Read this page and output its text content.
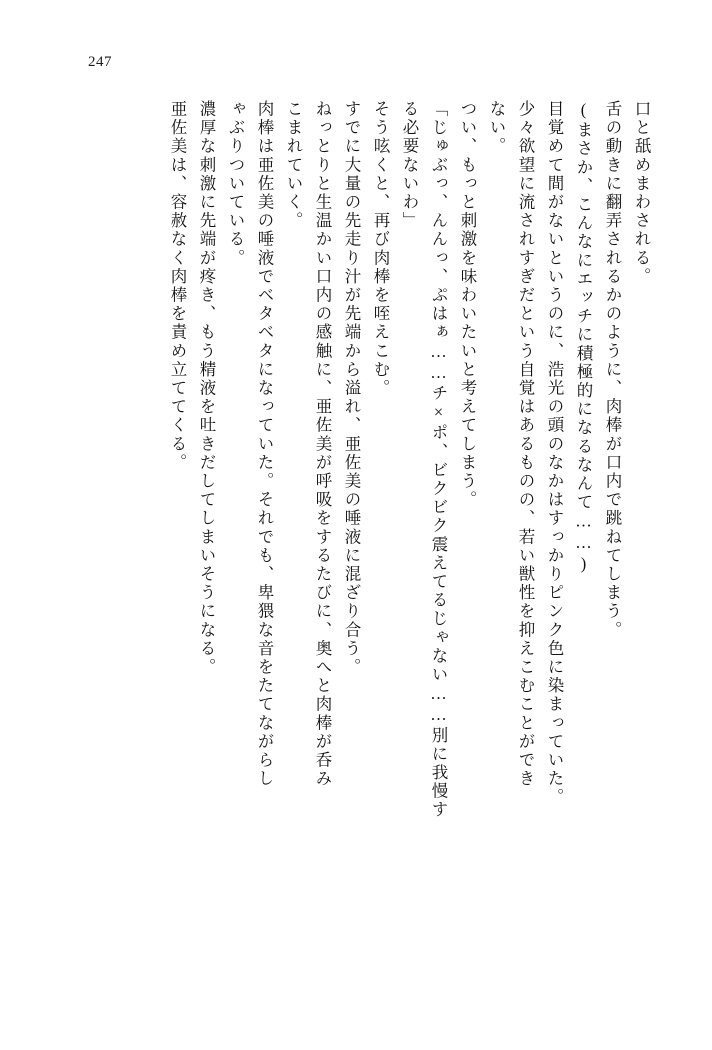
247
口と舐めまわされる。
舌の動きに翻弄されるかのように、肉棒が口内で跳ねてしまう。
(まさか、こんなにエッチに積極的になるなんて……)
目覚めて間がないというのに、浩光の頭のなかはすっかりピンク色に染まっていた。
少々欲望に流されすぎだという自覚はあるものの、若い獣性を抑えこむことができ
ない。
つい、もっと刺激を味わいたいと考えてしまう。
「じゅぶっ、んんっ、ぷはぁ……チ×ポ、ビクビク震えてるじゃない……別に我慢す
る必要ないわ」
そう呟くと、再び肉棒を咥えこむ。
すでに大量の先走り汁が先端から溢れ、亜佐美の唾液に混ざり合う。
ねっとりと生温かい口内の感触に、亜佐美が呼吸をするたびに、奥へと肉棒が呑み
こまれていく。
肉棒は亜佐美の唾液でベタベタになっていた。それでも、卑猥な音をたてながらし
ゃぶりついている。
濃厚な刺激に先端が疼き、もう精液を吐きだしてしまいそうになる。
亜佐美は、容赦なく肉棒を責め立ててくる。
